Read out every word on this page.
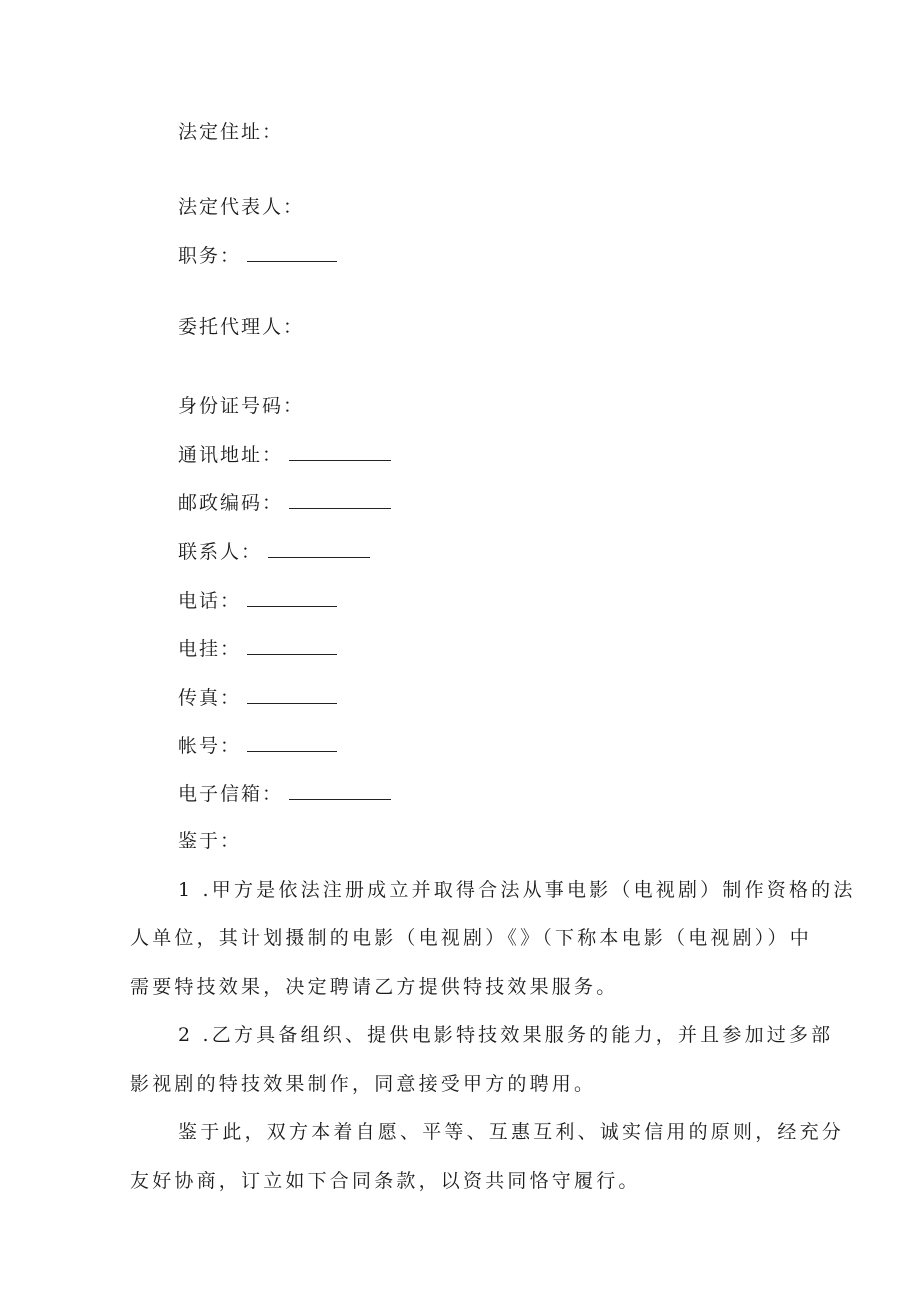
法定住址：
法定代表人：
职务：
委托代理人：
身份证号码：
通讯地址：
邮政编码：
联系人：
电话：
电挂：
传真：
帐号：
电子信箱：
鉴于：
1 .甲方是依法注册成立并取得合法从事电影（电视剧）制作资格的法
人单位，其计划摄制的电影（电视剧）《》（下称本电影（电视剧））中
需要特技效果，决定聘请乙方提供特技效果服务。
2 .乙方具备组织、提供电影特技效果服务的能力，并且参加过多部
影视剧的特技效果制作，同意接受甲方的聘用。
鉴于此，双方本着自愿、平等、互惠互利、诚实信用的原则，经充分
友好协商，订立如下合同条款，以资共同恪守履行。
